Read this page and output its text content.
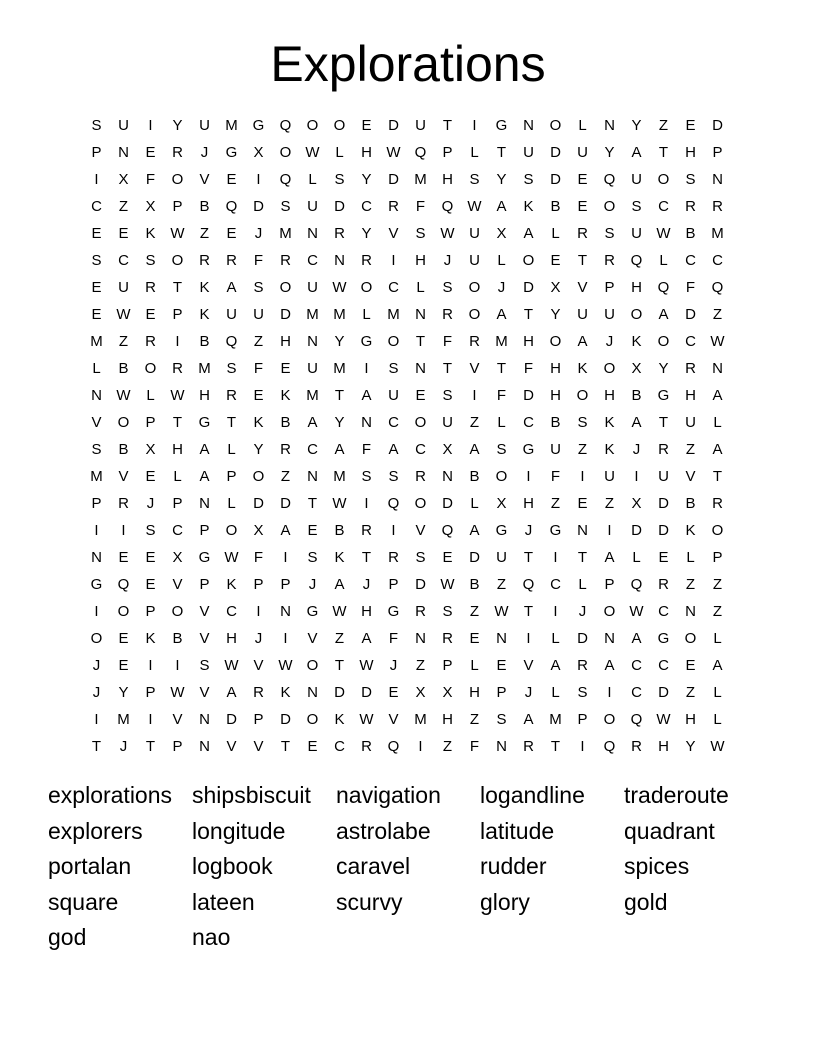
Explorations
S	U	I	Y	U	M G	Q	O	O	E	D	U	T	I	G	N	O	L	N	Y	Z	E	D
P	N	E	R	J	G	X	O W	L	H W Q	P	L	T	U	D	U	Y	A	T	H	P
I	X	F	O	V	E	I	Q	L	S	Y	D	M	H	S	Y	S	D	E	Q	U	O	S	N
C	Z	X	P	B	Q	D	S	U	D	C	R	F	Q W A	K	B	E	O	S	C	R	R
E	E	K W	Z	E	J	M	N	R	Y	V	S W U	X	A	L	R	S	U W B	M
S	C	S	O	R	R	F	R	C	N	R	I	H	J	U	L	O	E	T	R	Q	L	C	C
E	U	R	T	K	A	S	O	U W O	C	L	S	O	J	D	X	V	P	H	Q	F	Q
E W E	P	K	U	U	D	M M	L	M	N	R	O	A	T	Y	U	U	O	A	D	Z
M	Z	R	I	B	Q	Z	H	N	Y	G	O	T	F	R	M	H	O	A	J	K	O	C W
L	B	O	R	M	S	F	E	U	M	I	S	N	T	V	T	F	H	K	O	X	Y	R	N
N W	L	W H	R	E	K	M	T	A	U	E	S	I	F	D	H	O	H	B	G	H	A
V	O	P	T	G	T	K	B	A	Y	N	C	O	U	Z	L	C	B	S	K	A	T	U	L
S	B	X	H	A	L	Y	R	C	A	F	A	C	X	A	S	G	U	Z	K	J	R	Z	A
M	V	E	L	A	P	O	Z	N	M	S	S	R	N	B	O	I	F	I	U	I	U	V	T
P	R	J	P	N	L	D	D	T	W	I	Q	O	D	L	X	H	Z	E	Z	X	D	B	R
I	I	S	C	P	O	X	A	E	B	R	I	V	Q	A	G	J	G	N	I	D	D	K	O
N	E	E	X	G W	F	I	S	K	T	R	S	E	D	U	T	I	T	A	L	E	L	P
G	Q	E	V	P	K	P	P	J	A	J	P	D W B	Z	Q	C	L	P	Q	R	Z	Z
I	O	P	O	V	C	I	N	G W H	G	R	S	Z	W	T	I	J	O W C	N	Z
O	E	K	B	V	H	J	I	V	Z	A	F	N	R	E	N	I	L	D	N	A	G	O	L
J	E	I	I	S W V W O	T	W	J	Z	P	L	E	V	A	R	A	C	C	E	A
J	Y	P W V	A	R	K	N	D	D	E	X	X	H	P	J	L	S	I	C	D	Z	L
I	M	I	V	N	D	P	D	O	K W V	M	H	Z	S	A	M	P	O	Q W H	L
T	J	T	P	N	V	V	T	E	C	R	Q	I	Z	F	N	R	T	I	Q	R	H	Y W
explorations shipsbiscuit	navigation	logandline	traderoute
explorers	longitude	astrolabe	latitude	quadrant
portalan	logbook	caravel	rudder	spices
square	lateen	scurvy	glory	gold
god	nao
